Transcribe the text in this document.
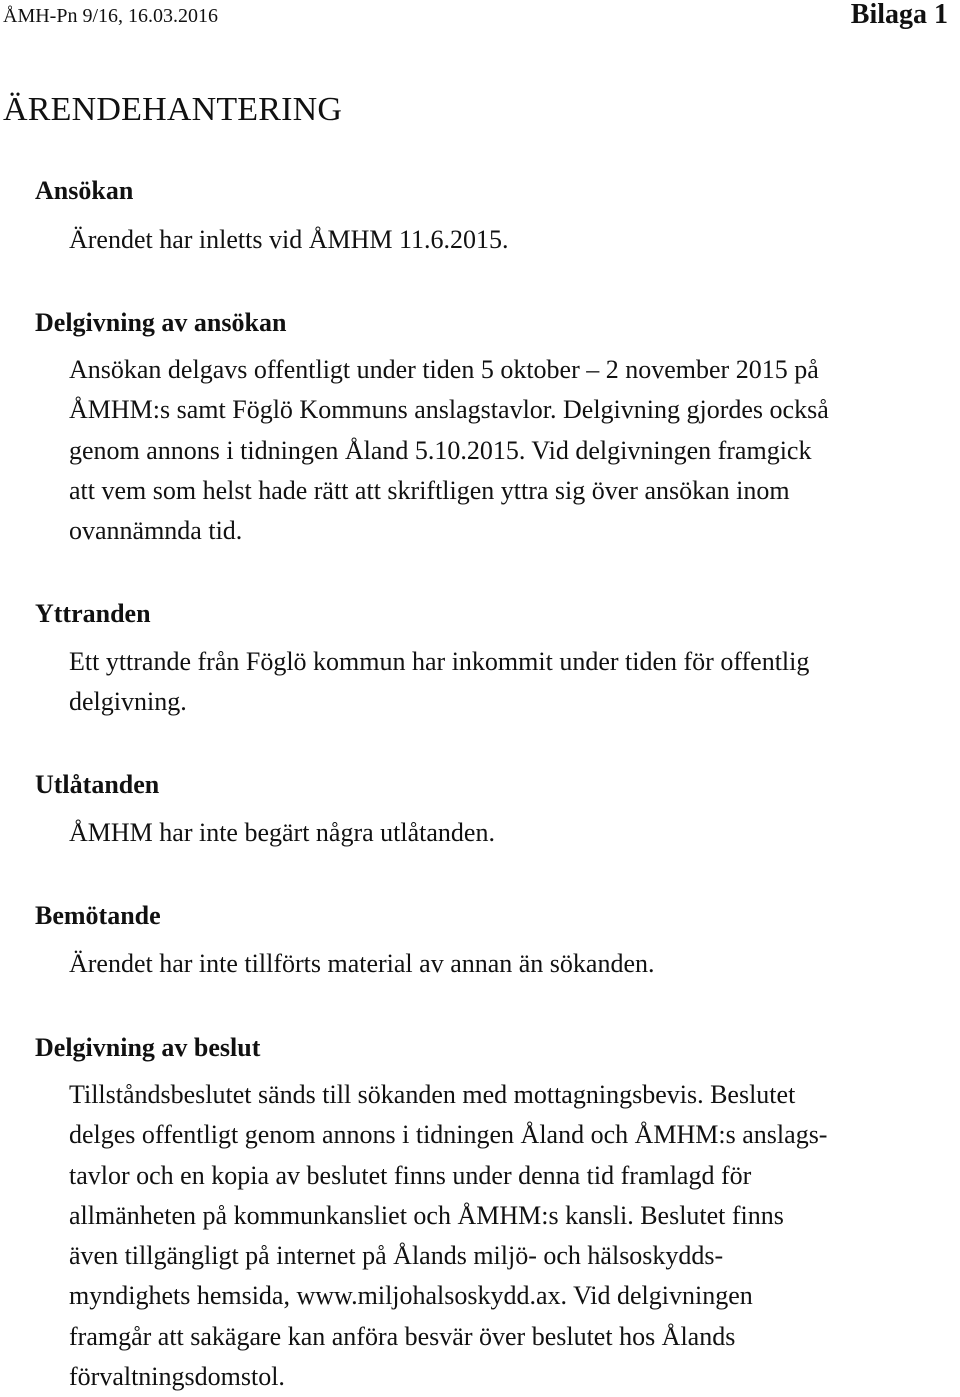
ÅMH-Pn 9/16, 16.03.2016	Bilaga 1
ÄRENDEHANTERING
Ansökan
Ärendet har inletts vid ÅMHM 11.6.2015.
Delgivning av ansökan
Ansökan delgavs offentligt under tiden 5 oktober – 2 november 2015 på
ÅMHM:s samt Föglö Kommuns anslagstavlor. Delgivning gjordes också
genom annons i tidningen Åland 5.10.2015. Vid delgivningen framgick
att vem som helst hade rätt att skriftligen yttra sig över ansökan inom
ovannämnda tid.
Yttranden
Ett yttrande från Föglö kommun har inkommit under tiden för offentlig
delgivning.
Utlåtanden
ÅMHM har inte begärt några utlåtanden.
Bemötande
Ärendet har inte tillförts material av annan än sökanden.
Delgivning av beslut
Tillståndsbeslutet sänds till sökanden med mottagningsbevis. Beslutet
delges offentligt genom annons i tidningen Åland och ÅMHM:s anslags-
tavlor och en kopia av beslutet finns under denna tid framlagd för
allmänheten på kommunkansliet och ÅMHM:s kansli. Beslutet finns
även tillgängligt på internet på Ålands miljö- och hälsoskydds-
myndighets hemsida, www.miljohalsoskydd.ax. Vid delgivningen
framgår att sakägare kan anföra besvär över beslutet hos Ålands
förvaltningsdomstol.
